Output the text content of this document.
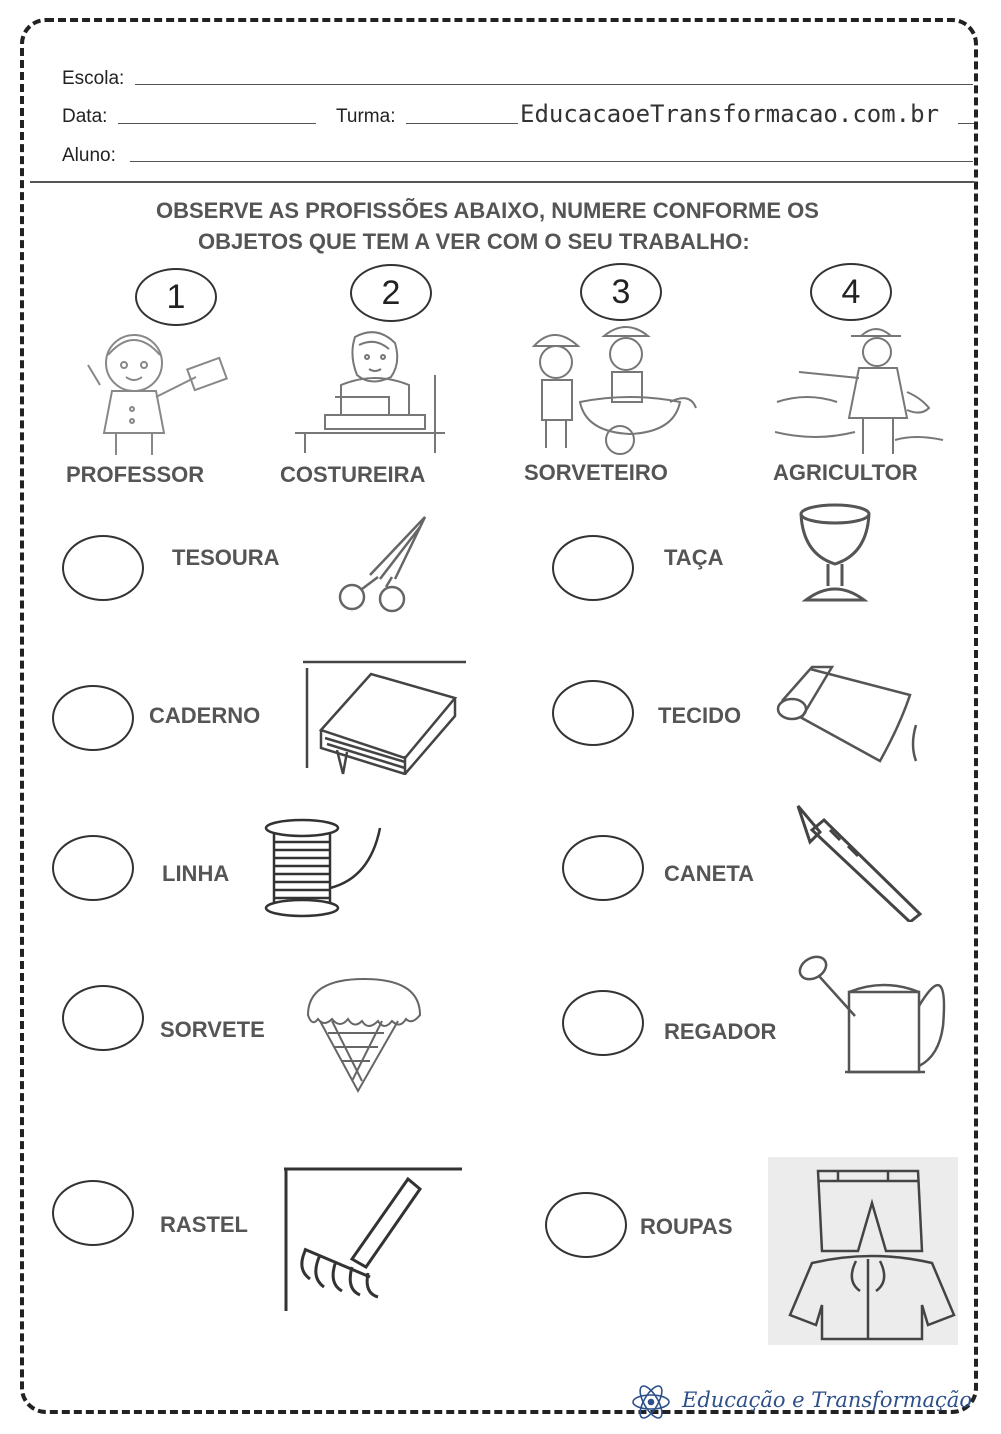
Escola:
Data:	Turma:	EducacaoeTransformacao.com.br
Aluno:
OBSERVE AS PROFISSÕES ABAIXO, NUMERE CONFORME OS
OBJETOS QUE TEM A VER COM O SEU TRABALHO:
1	2	3	4
PROFESSOR	COSTUREIRA	SORVETEIRO	AGRICULTOR
TESOURA	TAÇA
CADERNO	TECIDO
LINHA	CANETA
SORVETE	REGADOR
RASTEL	ROUPAS
Educação e Transformação
